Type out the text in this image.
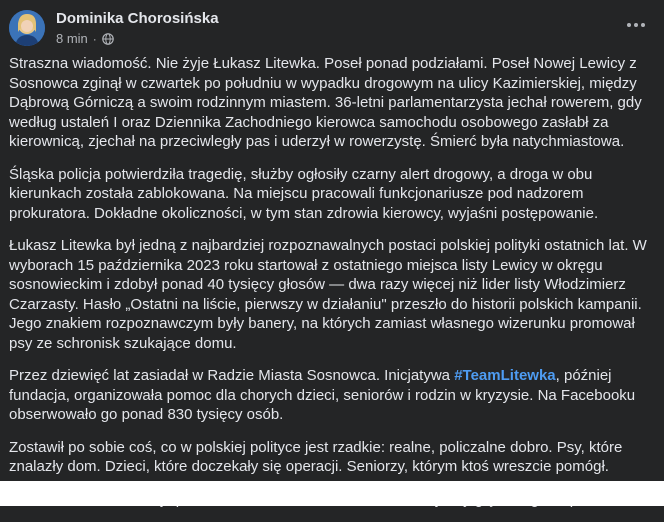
Dominika Chorosińska
8 min ·

Straszna wiadomość. Nie żyje Łukasz Litewka. Poseł ponad podziałami. Poseł Nowej Lewicy z Sosnowca zginął w czwartek po południu w wypadku drogowym na ulicy Kazimierskiej, między Dąbrową Górniczą a swoim rodzinnym miastem. 36-letni parlamentarzysta jechał rowerem, gdy według ustaleń I oraz Dziennika Zachodniego kierowca samochodu osobowego zasłabł za kierownicą, zjechał na przeciwległy pas i uderzył w rowerzystę. Śmierć była natychmiastowa.

Śląska policja potwierdziła tragedię, służby ogłosiły czarny alert drogowy, a droga w obu kierunkach została zablokowana. Na miejscu pracowali funkcjonariusze pod nadzorem prokuratora. Dokładne okoliczności, w tym stan zdrowia kierowcy, wyjaśni postępowanie.

Łukasz Litewka był jedną z najbardziej rozpoznawalnych postaci polskiej polityki ostatnich lat. W wyborach 15 października 2023 roku startował z ostatniego miejsca listy Lewicy w okręgu sosnowieckim i zdobył ponad 40 tysięcy głosów — dwa razy więcej niż lider listy Włodzimierz Czarzasty. Hasło „Ostatni na liście, pierwszy w działaniu" przeszło do historii polskich kampanii. Jego znakiem rozpoznawczym były banery, na których zamiast własnego wizerunku promował psy ze schronisk szukające domu.

Przez dziewięć lat zasiadał w Radzie Miasta Sosnowca. Inicjatywa #TeamLitewka, później fundacja, organizowała pomoc dla chorych dzieci, seniorów i rodzin w kryzysie. Na Facebooku obserwowało go ponad 830 tysięcy osób.

Zostawił po sobie coś, co w polskiej polityce jest rzadkie: realne, policzalne dobro. Psy, które znalazły dom. Dzieci, które doczekały się operacji. Seniorzy, którym ktoś wreszcie pomógł.
